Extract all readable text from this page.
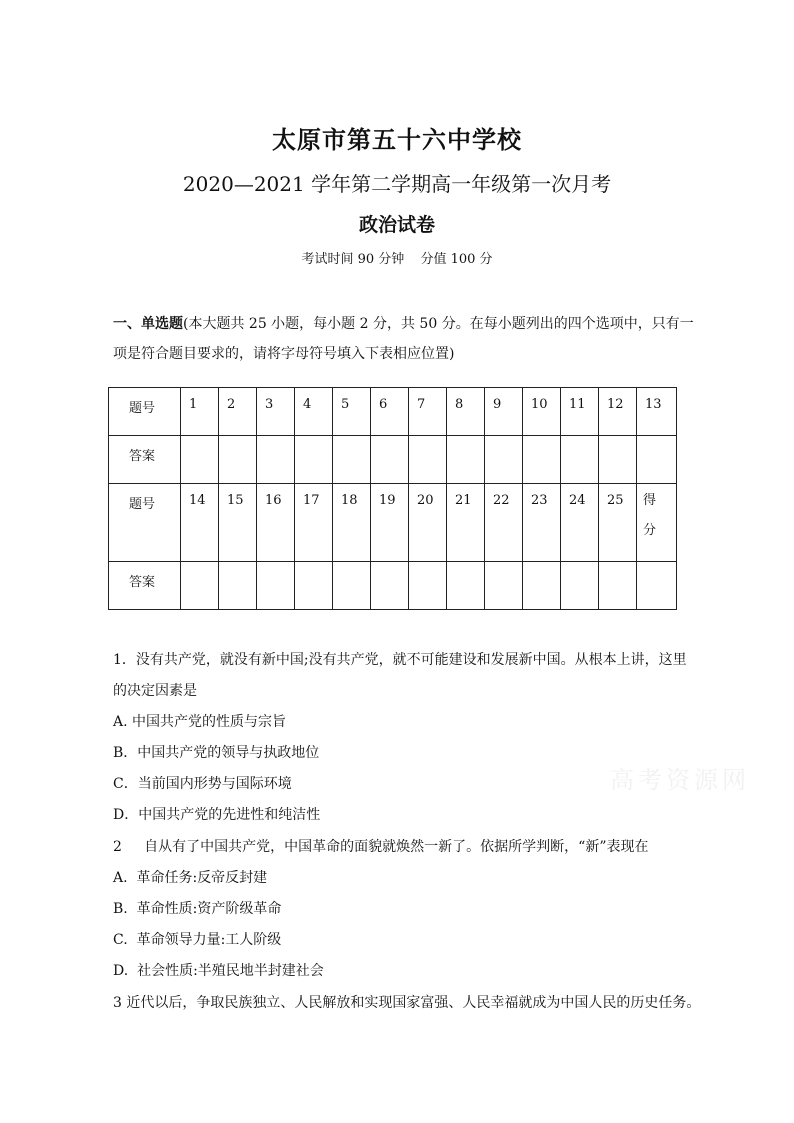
太原市第五十六中学校
2020—2021 学年第二学期高一年级第一次月考
政治试卷
考试时间 90 分钟 分值 100 分
一、单选题(本大题共 25 小题，每小题 2 分，共 50 分。在每小题列出的四个选项中，只有一
项是符合题目要求的，请将字母符号填入下表相应位置)
题号	1	2	3	4	5	6	7	8	9	10	11	12	13
答案													
题号	14	15	16	17	18	19	20	21	22	23	24	25	得
分
答案													
1．没有共产党，就没有新中国;没有共产党，就不可能建设和发展新中国。从根本上讲，这里
的决定因素是
A. 中国共产党的性质与宗旨
B．中国共产党的领导与执政地位
C．当前国内形势与国际环境
D．中国共产党的先进性和纯洁性
2     自从有了中国共产党，中国革命的面貌就焕然一新了。依据所学判断，“新”表现在
A.  革命任务:反帝反封建
B.  革命性质:资产阶级革命
C.  革命领导力量:工人阶级
D.  社会性质:半殖民地半封建社会
3 近代以后，争取民族独立、人民解放和实现国家富强、人民幸福就成为中国人民的历史任务。
高考资源网
